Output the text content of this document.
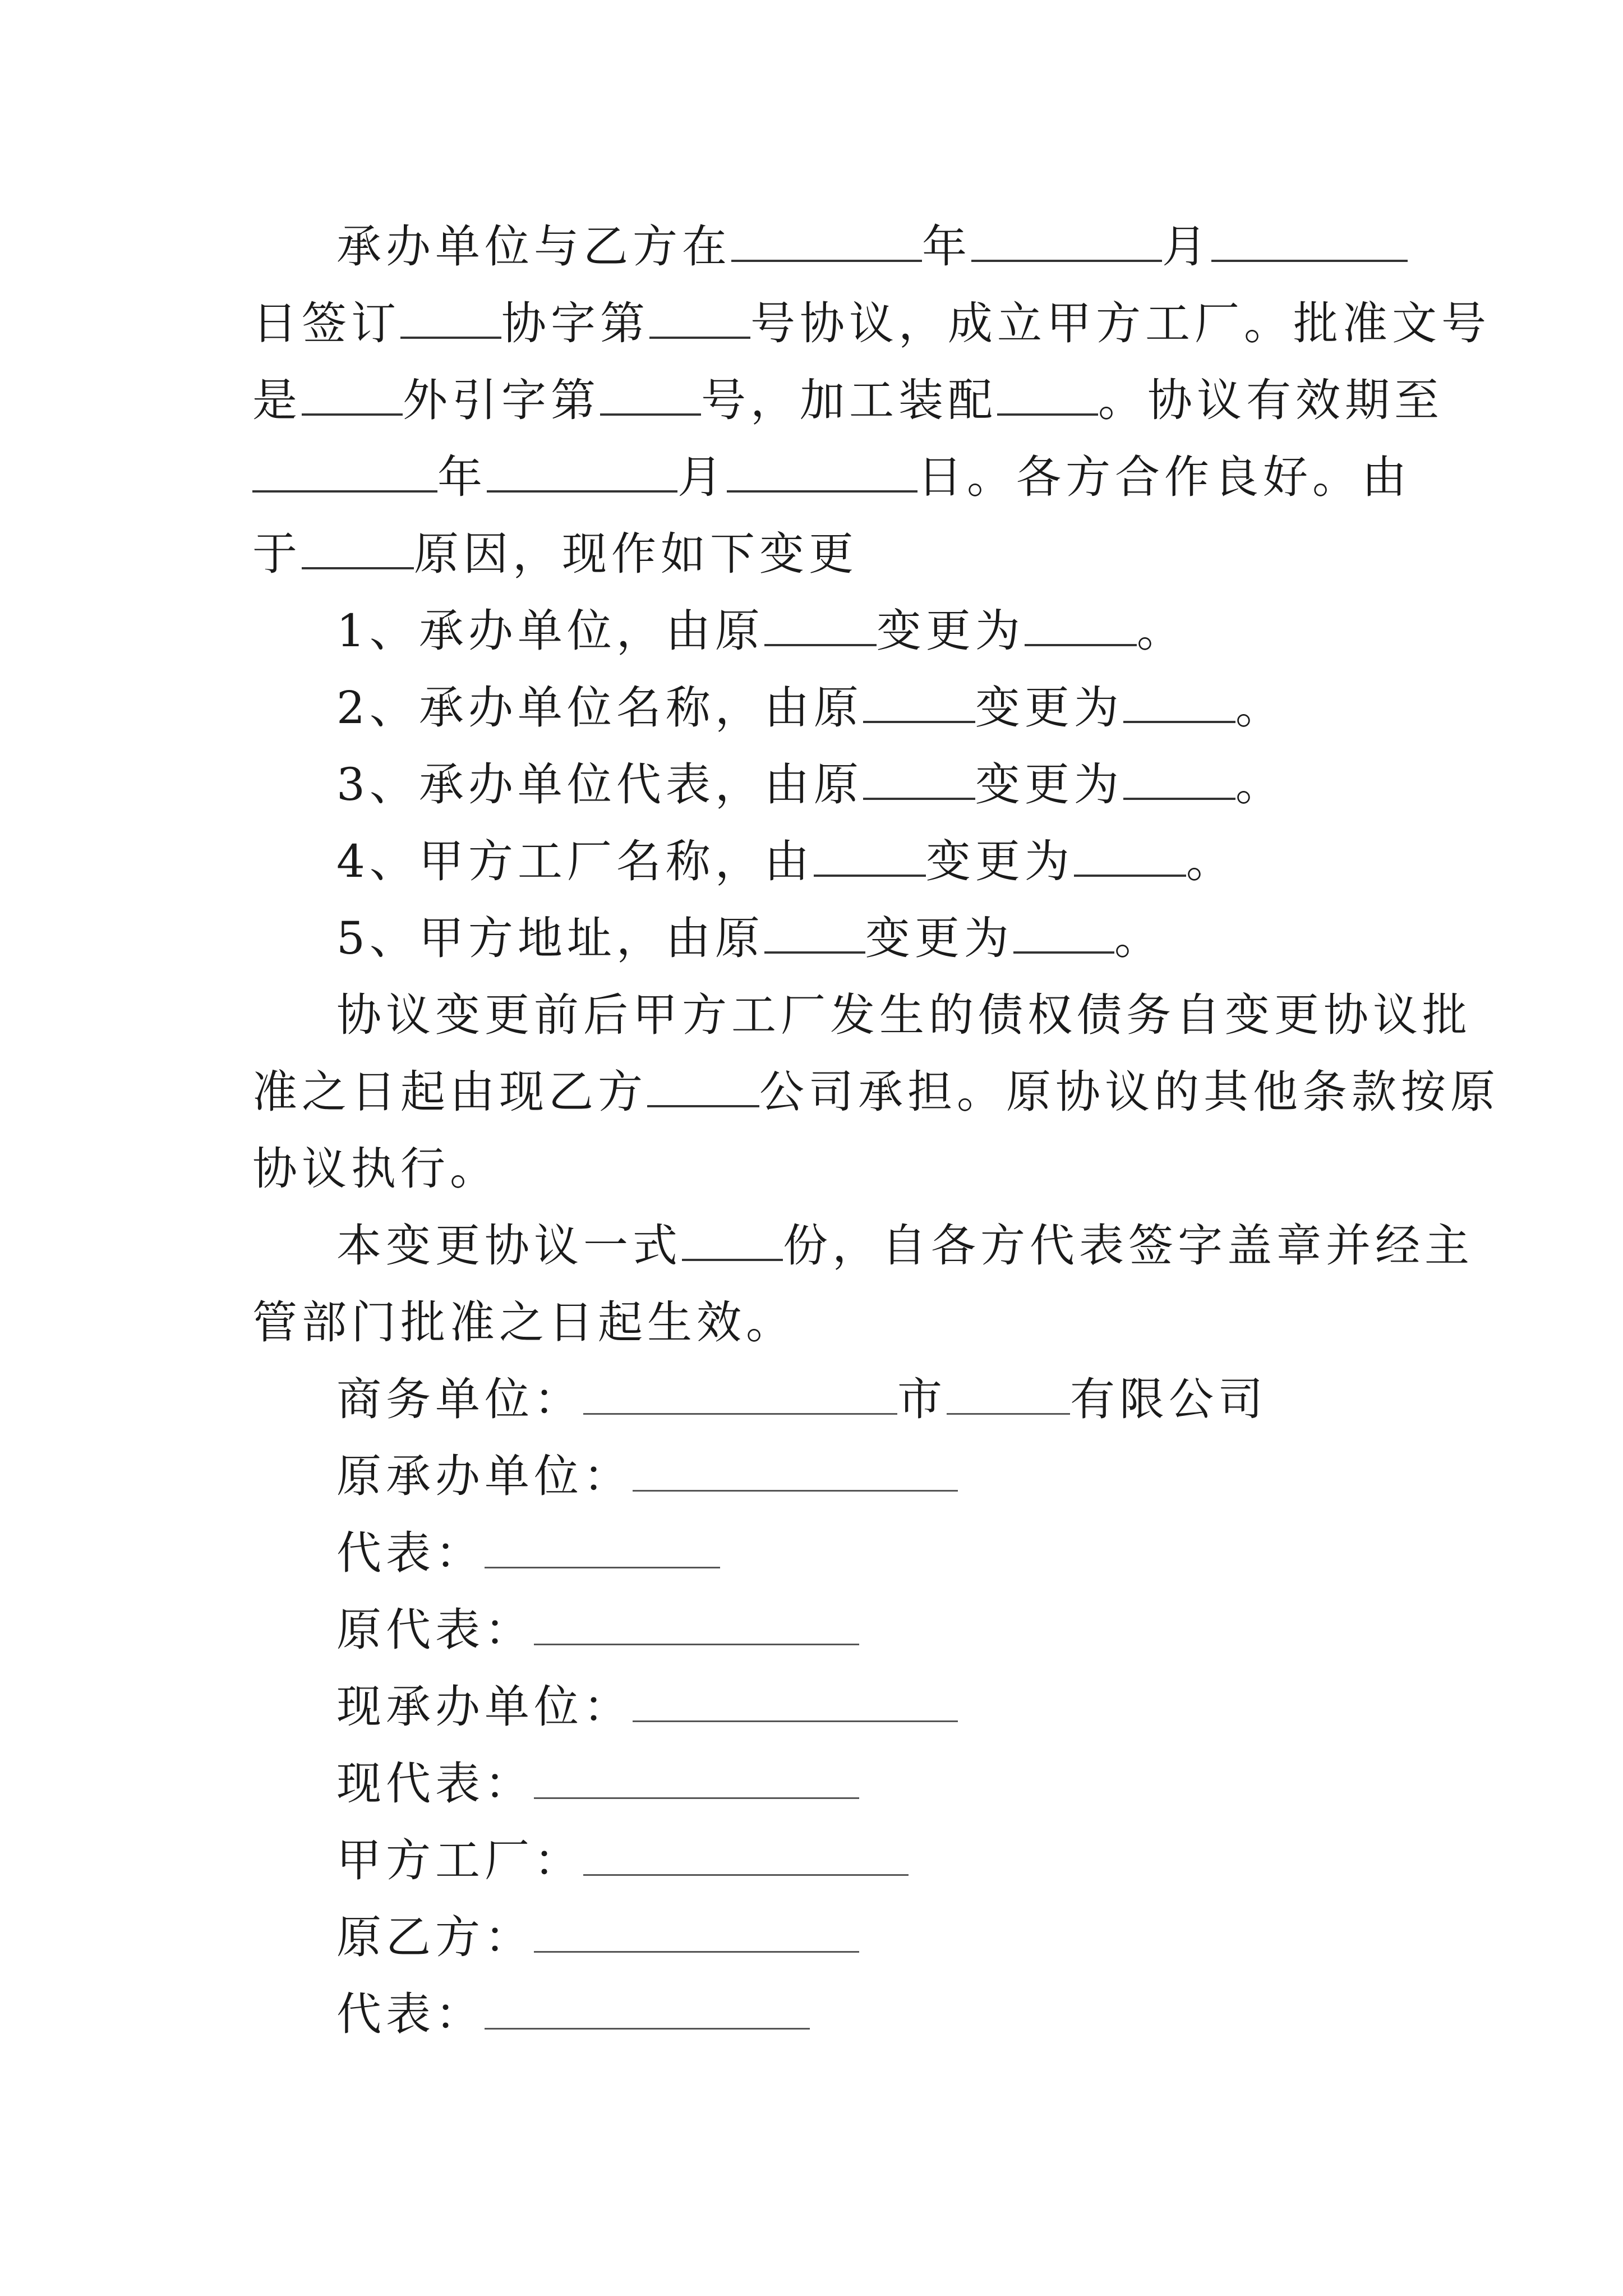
承办单位与乙方在	年	月
日签订 协字第 号协议，成立甲方工厂。批准文号
是 外引字第 号，加工装配 。协议有效期至
年	月	日。各方合作良好。由
于	原因，现作如下变更
1、承办单位，由原	变更为	。
2、承办单位名称，由原	变更为	。
3、承办单位代表，由原	变更为	。
4、甲方工厂名称，由	变更为	。
5、甲方地址，由原 变更为 。
协议变更前后甲方工厂发生的债权债务自变更协议批
准之日起由现乙方	公司承担。原协议的其他条款按原
协议执行。
本变更协议一式 份，自各方代表签字盖章并经主
管部门批准之日起生效。
商务单位：	市	有限公司
原承办单位：
代表：
原代表：
现承办单位：
现代表：
甲方工厂：
原乙方：
代表：
